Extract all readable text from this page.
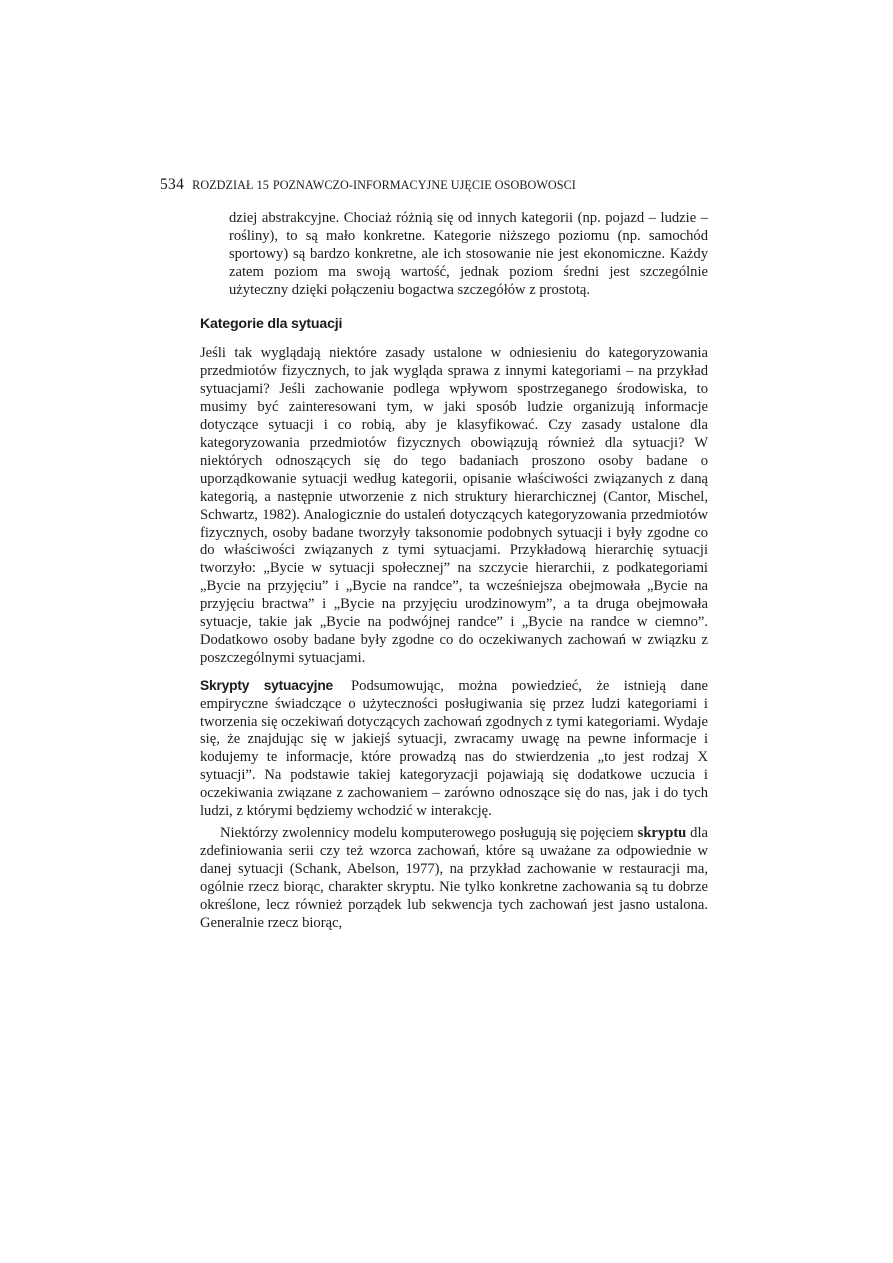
534 ROZDZIAŁ 15 POZNAWCZO-INFORMACYJNE UJĘCIE OSOBOWOSCI

dziej abstrakcyjne. Chociaż różnią się od innych kategorii (np. pojazd – ludzie – rośliny), to są mało konkretne. Kategorie niższego poziomu (np. samochód sportowy) są bardzo konkretne, ale ich stosowanie nie jest ekonomiczne. Każdy zatem poziom ma swoją wartość, jednak poziom średni jest szczególnie użyteczny dzięki połączeniu bogactwa szczegółów z prostotą.

Kategorie dla sytuacji

Jeśli tak wyglądają niektóre zasady ustalone w odniesieniu do kategoryzowania przedmiotów fizycznych, to jak wygląda sprawa z innymi kategoriami – na przykład sytuacjami? Jeśli zachowanie podlega wpływom spostrzeganego środowiska, to musimy być zainteresowani tym, w jaki sposób ludzie organizują informacje dotyczące sytuacji i co robią, aby je klasyfikować. Czy zasady ustalone dla kategoryzowania przedmiotów fizycznych obowiązują również dla sytuacji? W niektórych odnoszących się do tego badaniach proszono osoby badane o uporządkowanie sytuacji według kategorii, opisanie właściwości związanych z daną kategorią, a następnie utworzenie z nich struktury hierarchicznej (Cantor, Mischel, Schwartz, 1982). Analogicznie do ustaleń dotyczących kategoryzowania przedmiotów fizycznych, osoby badane tworzyły taksonomie podobnych sytuacji i były zgodne co do właściwości związanych z tymi sytuacjami. Przykładową hierarchię sytuacji tworzyło: „Bycie w sytuacji społecznej” na szczycie hierarchii, z podkategoriami „Bycie na przyjęciu” i „Bycie na randce”, ta wcześniejsza obejmowała „Bycie na przyjęciu bractwa” i „Bycie na przyjęciu urodzinowym”, a ta druga obejmowała sytuacje, takie jak „Bycie na podwójnej randce” i „Bycie na randce w ciemno”. Dodatkowo osoby badane były zgodne co do oczekiwanych zachowań w związku z poszczególnymi sytuacjami.

Skrypty sytuacyjne Podsumowując, można powiedzieć, że istnieją dane empiryczne świadczące o użyteczności posługiwania się przez ludzi kategoriami i tworzenia się oczekiwań dotyczących zachowań zgodnych z tymi kategoriami. Wydaje się, że znajdując się w jakiejś sytuacji, zwracamy uwagę na pewne informacje i kodujemy te informacje, które prowadzą nas do stwierdzenia „to jest rodzaj X sytuacji”. Na podstawie takiej kategoryzacji pojawiają się dodatkowe uczucia i oczekiwania związane z zachowaniem – zarówno odnoszące się do nas, jak i do tych ludzi, z którymi będziemy wchodzić w interakcję.

Niektórzy zwolennicy modelu komputerowego posługują się pojęciem skryptu dla zdefiniowania serii czy też wzorca zachowań, które są uważane za odpowiednie w danej sytuacji (Schank, Abelson, 1977), na przykład zachowanie w restauracji ma, ogólnie rzecz biorąc, charakter skryptu. Nie tylko konkretne zachowania są tu dobrze określone, lecz również porządek lub sekwencja tych zachowań jest jasno ustalona. Generalnie rzecz biorąc,
